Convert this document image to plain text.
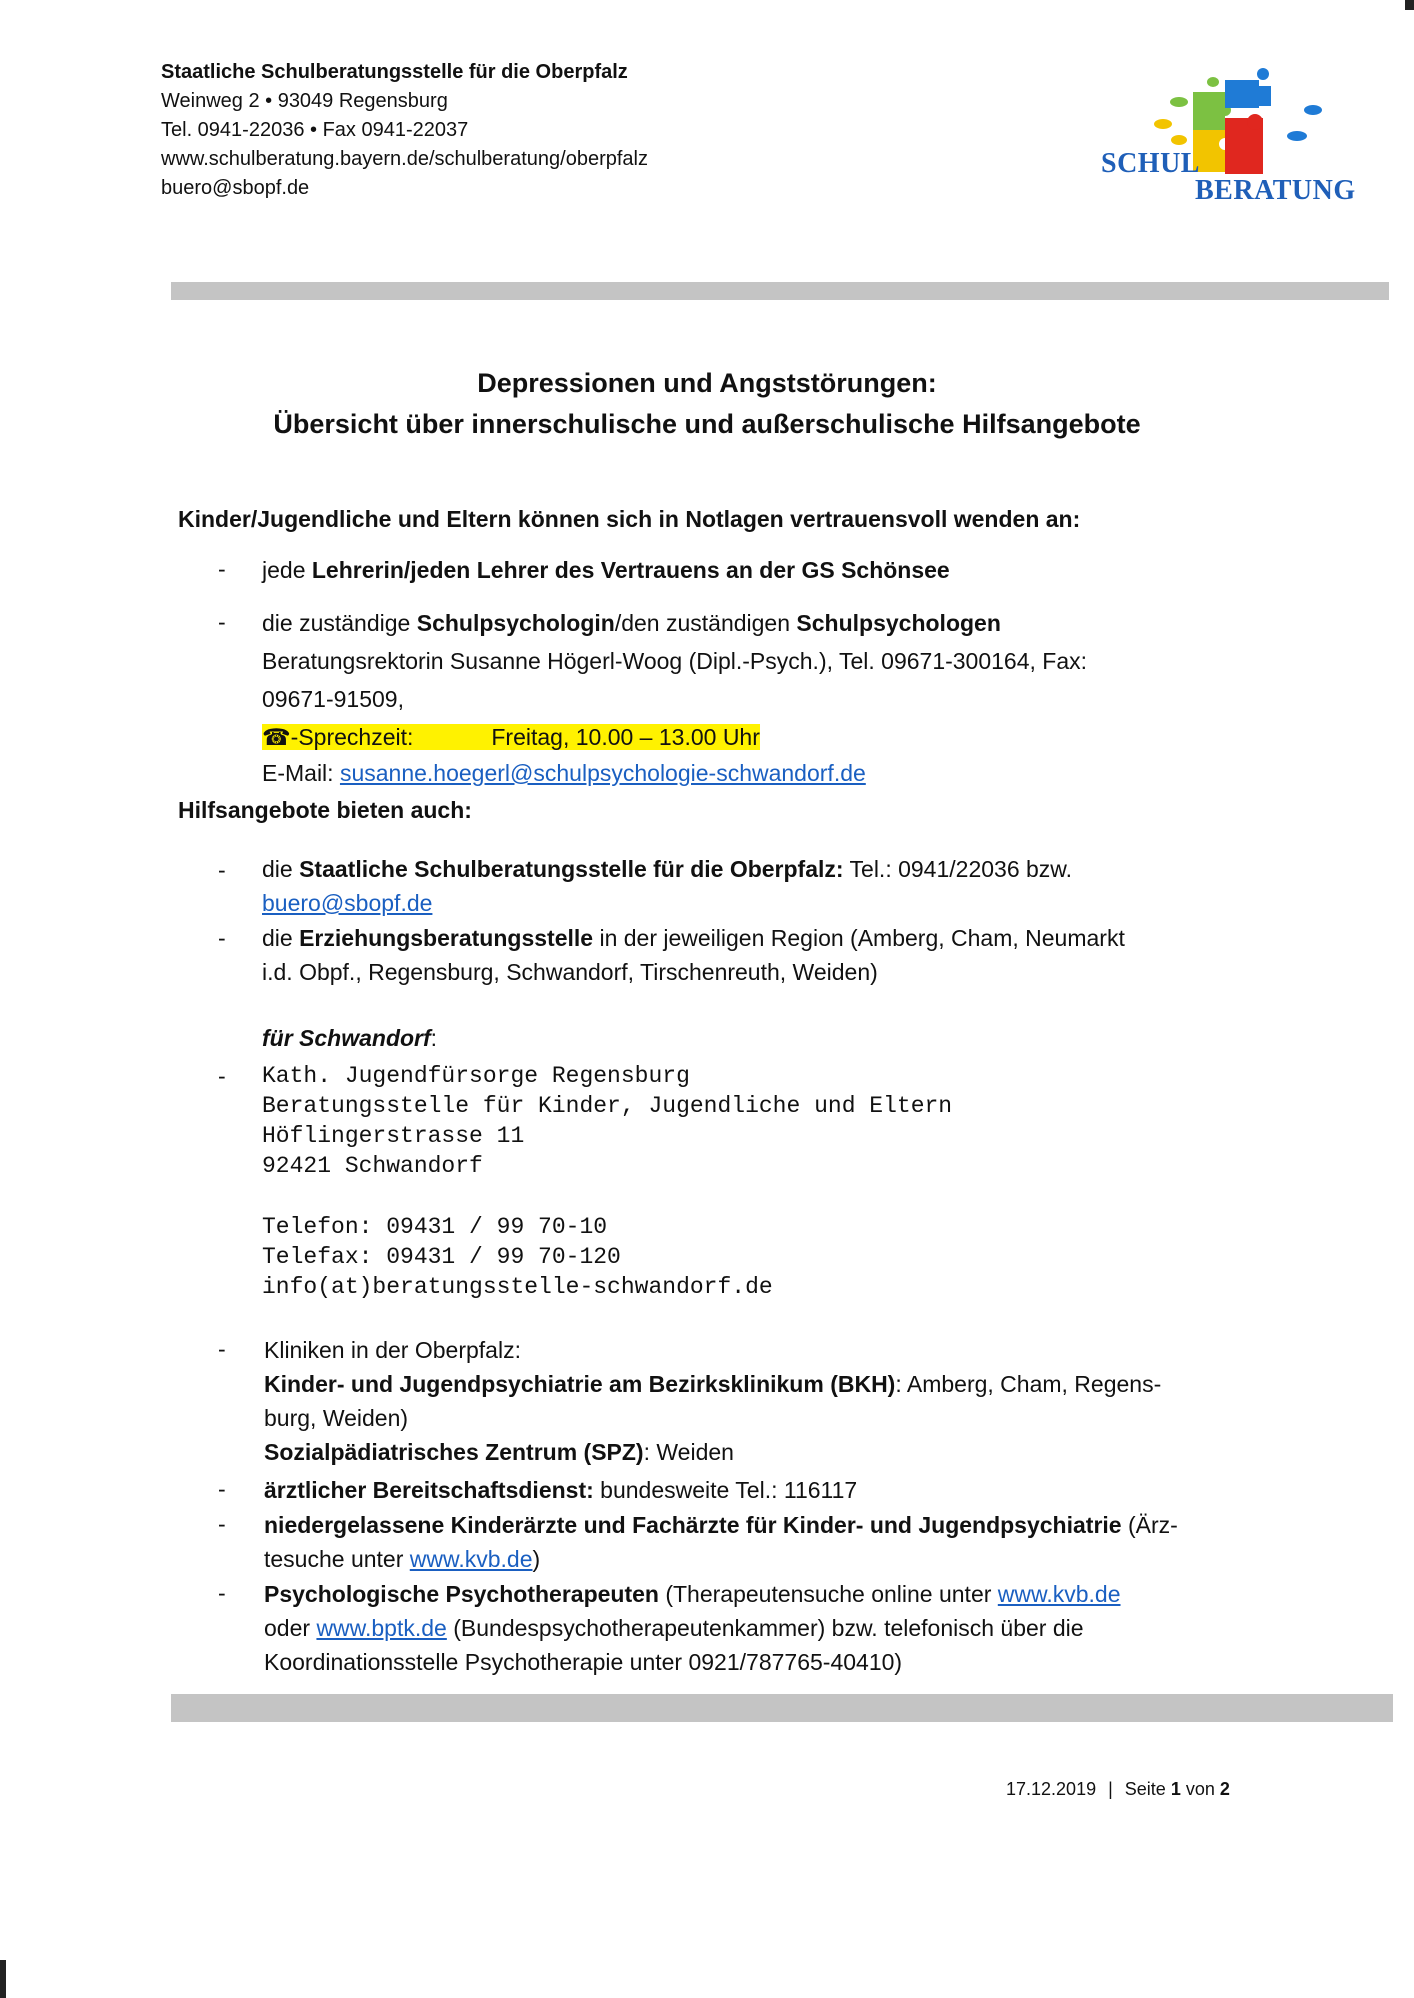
Staatliche Schulberatungsstelle für die Oberpfalz
Weinweg 2 • 93049 Regensburg
Tel. 0941-22036 • Fax 0941-22037
www.schulberatung.bayern.de/schulberatung/oberpfalz
buero@sbopf.de
SCHUL
BERATUNG
Depressionen und Angststörungen:
Übersicht über innerschulische und außerschulische Hilfsangebote
Kinder/Jugendliche und Eltern können sich in Notlagen vertrauensvoll wenden an:
- jede Lehrerin/jeden Lehrer des Vertrauens an der GS Schönsee
- die zuständige Schulpsychologin/den zuständigen Schulpsychologen
Beratungsrektorin Susanne Högerl-Woog (Dipl.-Psych.), Tel. 09671-300164, Fax:
09671-91509,
☎-Sprechzeit:	Freitag, 10.00 – 13.00 Uhr
E-Mail: susanne.hoegerl@schulpsychologie-schwandorf.de
Hilfsangebote bieten auch:
- die Staatliche Schulberatungsstelle für die Oberpfalz: Tel.: 0941/22036 bzw.
buero@sbopf.de
- die Erziehungsberatungsstelle in der jeweiligen Region (Amberg, Cham, Neumarkt
i.d. Obpf., Regensburg, Schwandorf, Tirschenreuth, Weiden)
für Schwandorf:
- Kath. Jugendfürsorge Regensburg
Beratungsstelle für Kinder, Jugendliche und Eltern
Höflingerstrasse 11
92421 Schwandorf
Telefon: 09431 / 99 70-10
Telefax: 09431 / 99 70-120
info(at)beratungsstelle-schwandorf.de
- Kliniken in der Oberpfalz:
Kinder- und Jugendpsychiatrie am Bezirksklinikum (BKH): Amberg, Cham, Regens-
burg, Weiden)
Sozialpädiatrisches Zentrum (SPZ): Weiden
- ärztlicher Bereitschaftsdienst: bundesweite Tel.: 116117
- niedergelassene Kinderärzte und Fachärzte für Kinder- und Jugendpsychiatrie (Ärz-
tesuche unter www.kvb.de)
- Psychologische Psychotherapeuten (Therapeutensuche online unter www.kvb.de
oder www.bptk.de (Bundespsychotherapeutenkammer) bzw. telefonisch über die
Koordinationsstelle Psychotherapie unter 0921/787765-40410)
17.12.2019 | Seite 1 von 2
